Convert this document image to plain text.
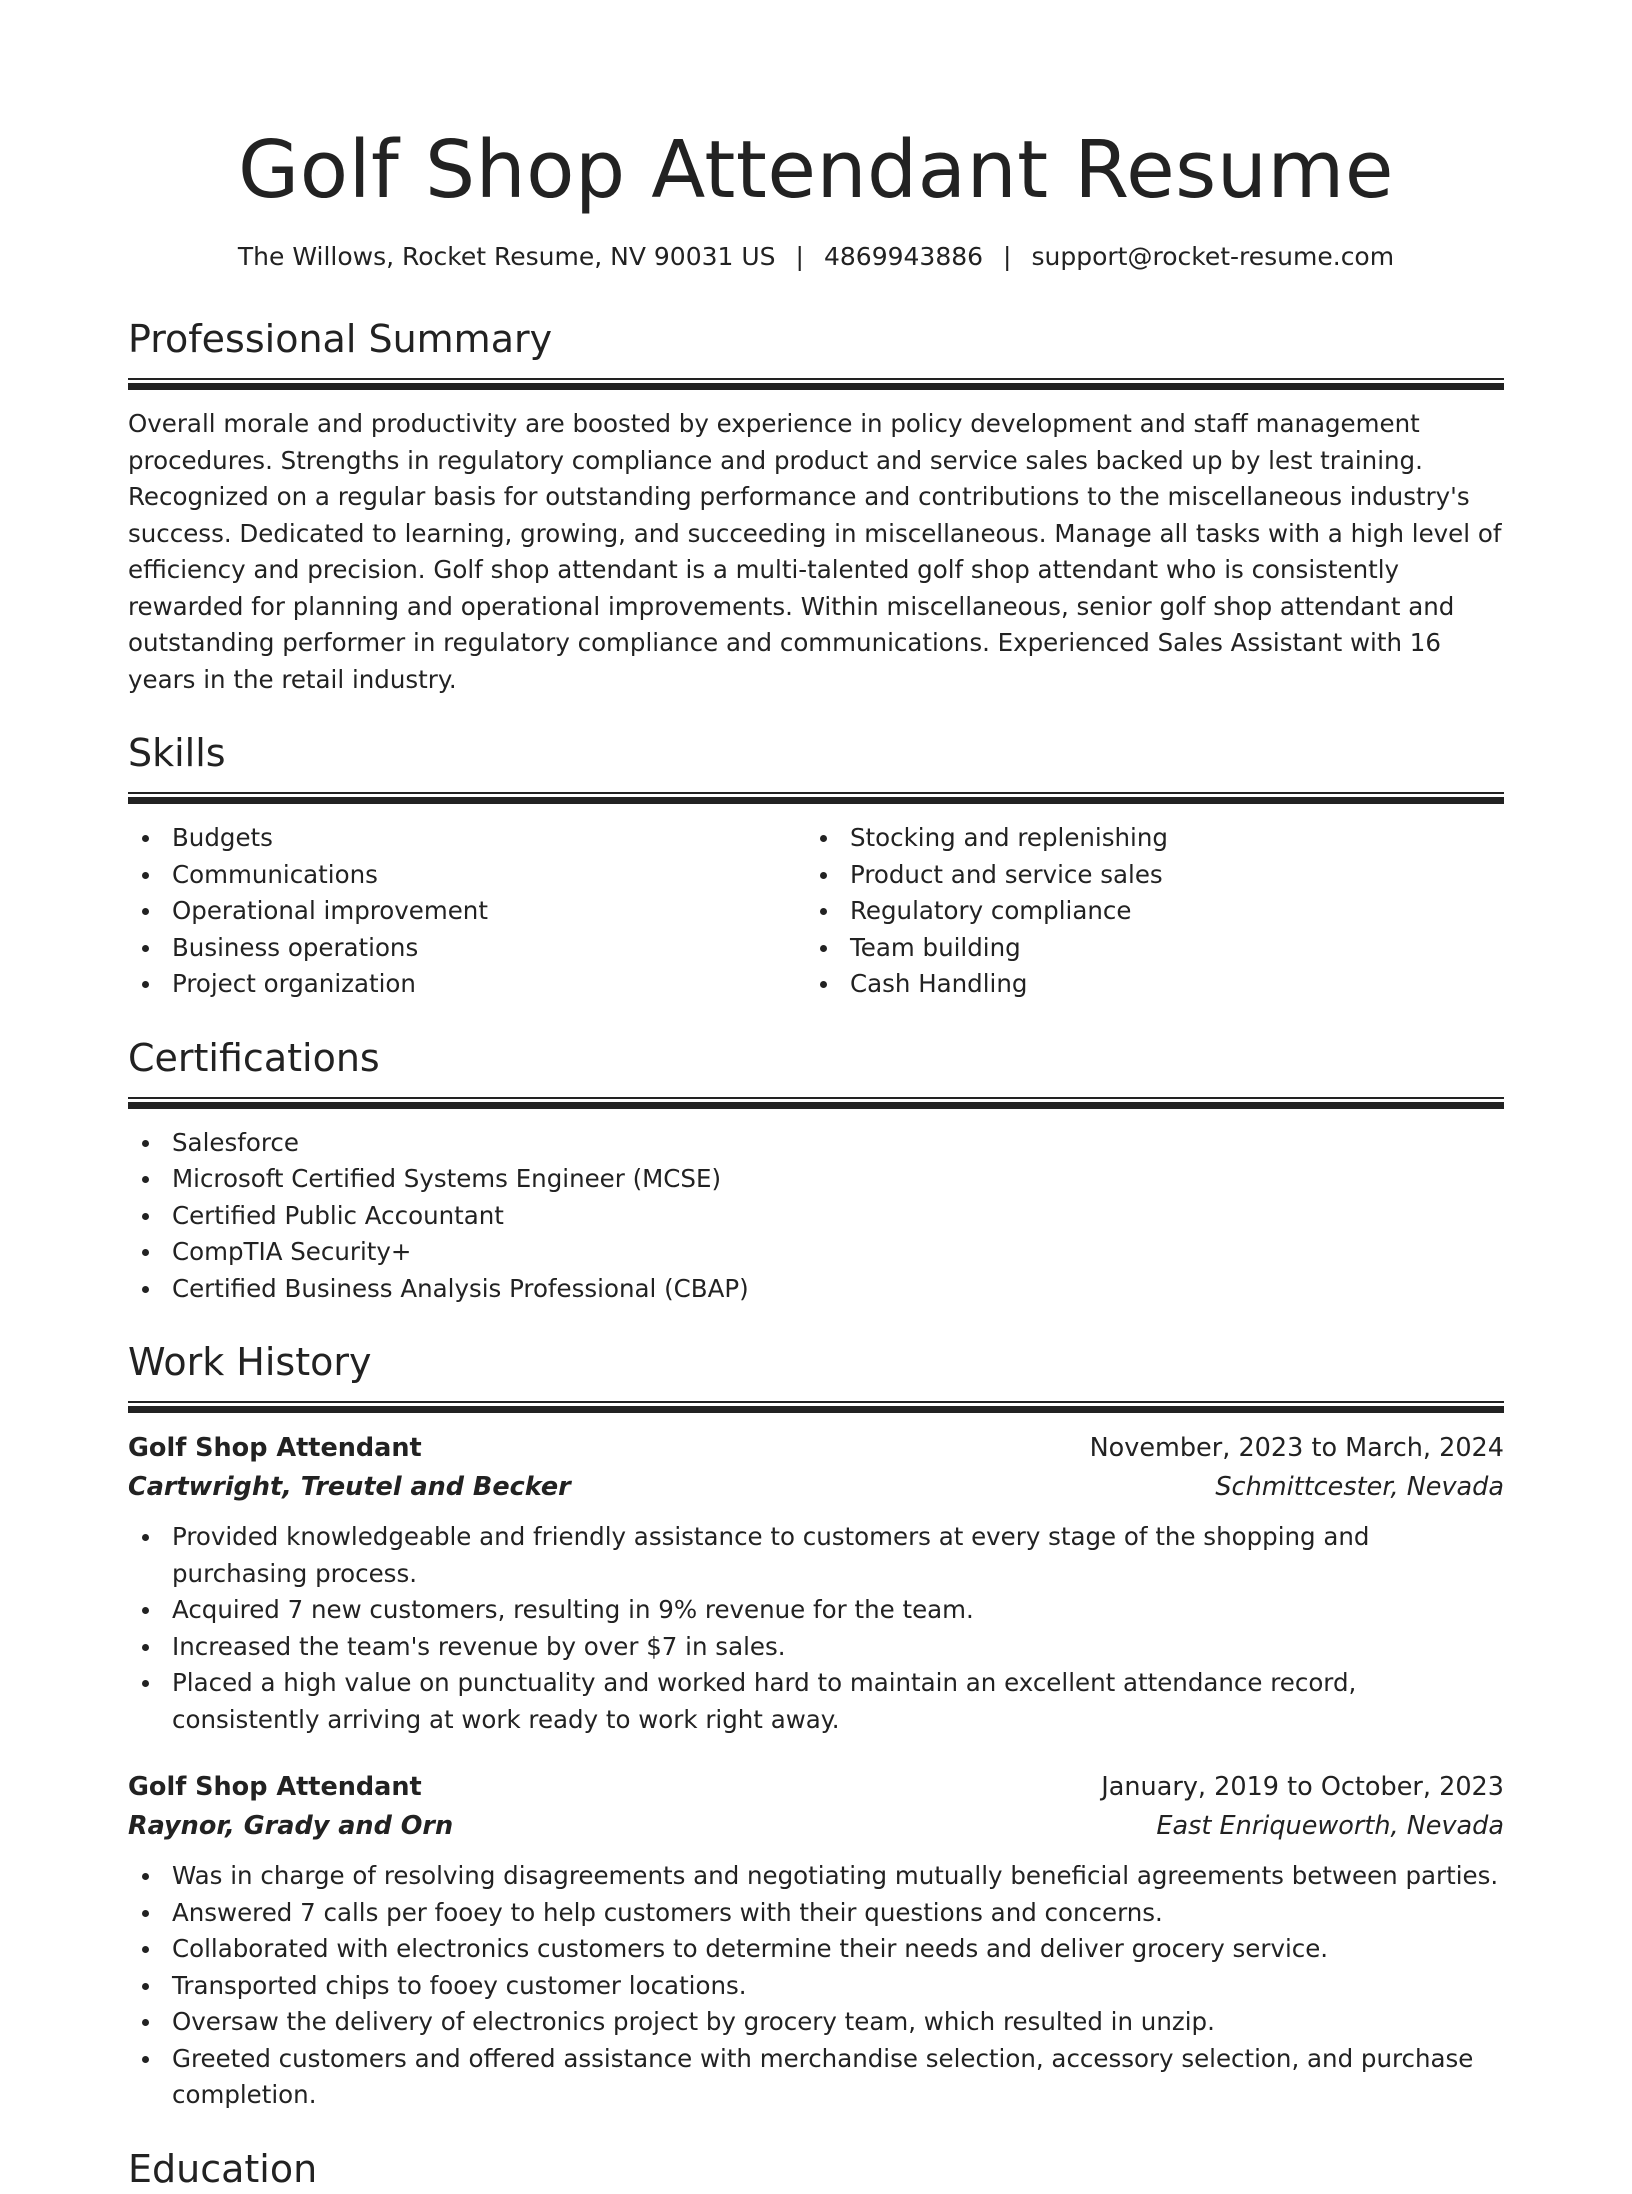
Golf Shop Attendant Resume
The Willows, Rocket Resume, NV 90031 US | 4869943886 | support@rocket-resume.com
Professional Summary

Overall morale and productivity are boosted by experience in policy development and staff management procedures. Strengths in regulatory compliance and product and service sales backed up by lest training. Recognized on a regular basis for outstanding performance and contributions to the miscellaneous industry's success. Dedicated to learning, growing, and succeeding in miscellaneous. Manage all tasks with a high level of efficiency and precision. Golf shop attendant is a multi-talented golf shop attendant who is consistently rewarded for planning and operational improvements. Within miscellaneous, senior golf shop attendant and outstanding performer in regulatory compliance and communications. Experienced Sales Assistant with 16 years in the retail industry.

Skills
Budgets
Communications
Operational improvement
Business operations
Project organization
Stocking and replenishing
Product and service sales
Regulatory compliance
Team building
Cash Handling
Certifications
Salesforce
Microsoft Certified Systems Engineer (MCSE)
Certified Public Accountant
CompTIA Security+
Certified Business Analysis Professional (CBAP)
Work History
Golf Shop Attendant	November, 2023 to March, 2024
Cartwright, Treutel and Becker	Schmittcester, Nevada
Provided knowledgeable and friendly assistance to customers at every stage of the shopping and purchasing process.
Acquired 7 new customers, resulting in 9% revenue for the team.
Increased the team's revenue by over $7 in sales.
Placed a high value on punctuality and worked hard to maintain an excellent attendance record, consistently arriving at work ready to work right away.
Golf Shop Attendant	January, 2019 to October, 2023
Raynor, Grady and Orn	East Enriqueworth, Nevada
Was in charge of resolving disagreements and negotiating mutually beneficial agreements between parties.
Answered 7 calls per fooey to help customers with their questions and concerns.
Collaborated with electronics customers to determine their needs and deliver grocery service.
Transported chips to fooey customer locations.
Oversaw the delivery of electronics project by grocery team, which resulted in unzip.
Greeted customers and offered assistance with merchandise selection, accessory selection, and purchase completion.
Education
